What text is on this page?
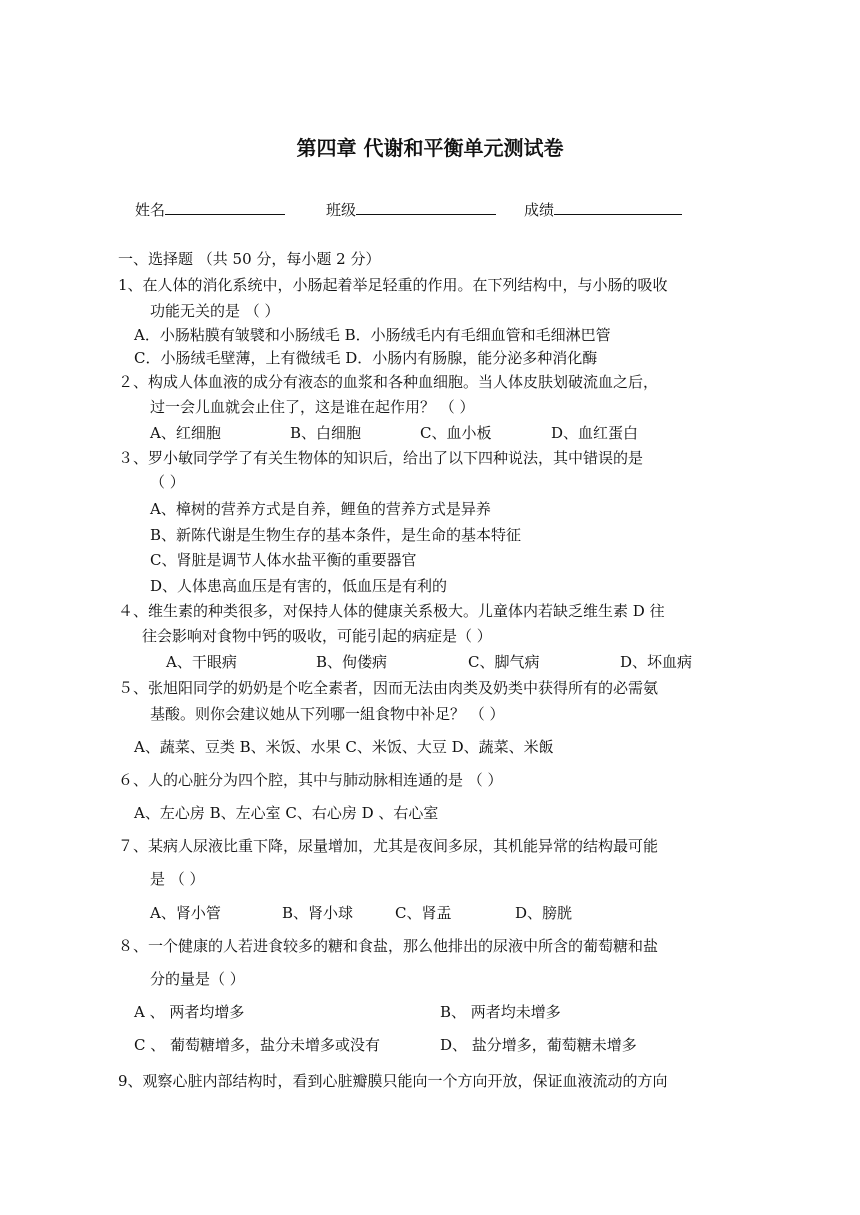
第四章 代谢和平衡单元测试卷
姓名	班级	成绩
一、选择题 （共 50 分，每小题 2 分）
1、在人体的消化系统中，小肠起着举足轻重的作用。在下列结构中，与小肠的吸收
功能无关的是 （ ）
A．小肠粘膜有皱襞和小肠绒毛 B．小肠绒毛内有毛细血管和毛细淋巴管
C．小肠绒毛壁薄，上有微绒毛 D．小肠内有肠腺，能分泌多种消化酶
２、构成人体血液的成分有液态的血浆和各种血细胞。当人体皮肤划破流血之后，
过一会儿血就会止住了，这是谁在起作用？ （ ）
A、红细胞	B、白细胞	C、血小板	D、血红蛋白
３、罗小敏同学学了有关生物体的知识后，给出了以下四种说法，其中错误的是
（ ）
A、樟树的营养方式是自养，鲤鱼的营养方式是异养
B、新陈代谢是生物生存的基本条件，是生命的基本特征
C、肾脏是调节人体水盐平衡的重要器官
D、人体患高血压是有害的，低血压是有利的
４、维生素的种类很多，对保持人体的健康关系极大。儿童体内若缺乏维生素 D 往
往会影响对食物中钙的吸收，可能引起的病症是（ ）
A、干眼病	B、佝偻病	C、脚气病	D、坏血病
５、张旭阳同学的奶奶是个吃全素者，因而无法由肉类及奶类中获得所有的必需氨
基酸。则你会建议她从下列哪一組食物中补足？ （ ）
A、蔬菜、豆类 B、米饭、水果 C、米饭、大豆 D、蔬菜、米飯
６、人的心脏分为四个腔，其中与肺动脉相连通的是 （ ）
A、左心房 B、左心室 C、右心房 D 、右心室
７、某病人尿液比重下降，尿量增加，尤其是夜间多尿，其机能异常的结构最可能
是 （ ）
A、肾小管	B、肾小球	C、肾盂	D、膀胱
８、一个健康的人若进食较多的糖和食盐，那么他排出的尿液中所含的葡萄糖和盐
分的量是（ ）
A 、 两者均增多	B、 两者均未增多
C 、 葡萄糖增多，盐分未增多或没有	D、 盐分增多，葡萄糖未增多
9、观察心脏内部结构时，看到心脏瓣膜只能向一个方向开放，保证血液流动的方向
